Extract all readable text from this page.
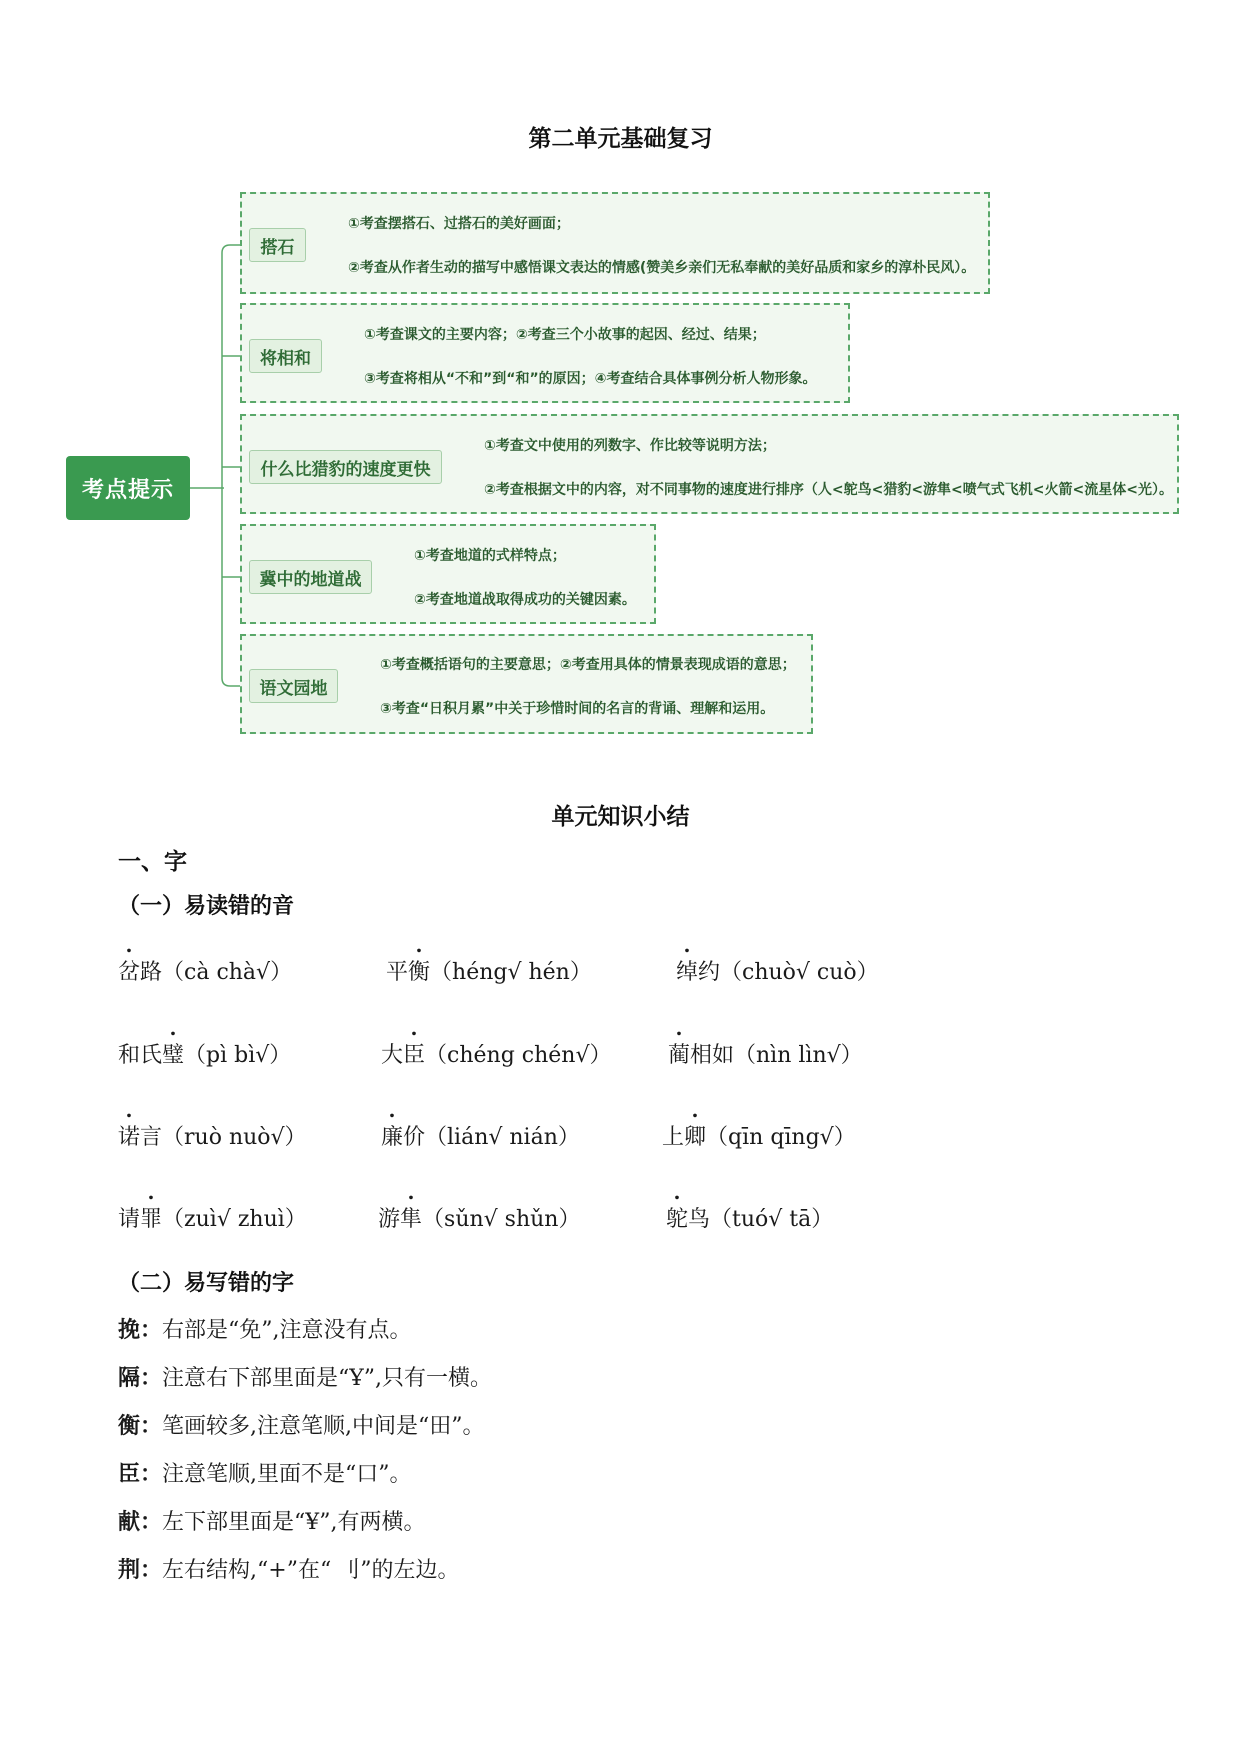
第二单元基础复习
考点提示
搭石
①考查摆搭石、过搭石的美好画面；
②考查从作者生动的描写中感悟课文表达的情感(赞美乡亲们无私奉献的美好品质和家乡的淳朴民风）。
将相和
①考查课文的主要内容；②考查三个小故事的起因、经过、结果；
③考查将相从“不和”到“和”的原因；④考查结合具体事例分析人物形象。
什么比猎豹的速度更快
①考查文中使用的列数字、作比较等说明方法；
②考查根据文中的内容，对不同事物的速度进行排序（人<鸵鸟<猎豹<游隼<喷气式飞机<火箭<流星体<光）。
冀中的地道战
①考查地道的式样特点；
②考查地道战取得成功的关键因素。
语文园地
①考查概括语句的主要意思；②考查用具体的情景表现成语的意思；
③考查“日积月累”中关于珍惜时间的名言的背诵、理解和运用。
单元知识小结
一、字
（一）易读错的音
岔路（cà chà√）	平衡（héng√ hén）	绰约（chuò√ cuò）
和氏璧（pì bì√）	大臣（chéng chén√）	蔺相如（nìn lìn√）
诺言（ruò nuò√）	廉价（lián√ nián）	上卿（qīn qīng√）
请罪（zuì√ zhuì）	游隼（sǔn√ shǔn）	鸵鸟（tuó√ tā）
（二）易写错的字
挽：右部是“免”,注意没有点。
隔：注意右下部里面是“Ұ”,只有一横。
衡：笔画较多,注意笔顺,中间是“田”。
臣：注意笔顺,里面不是“口”。
献：左下部里面是“¥”,有两横。
荆：左右结构,“+”在“ 刂”的左边。
